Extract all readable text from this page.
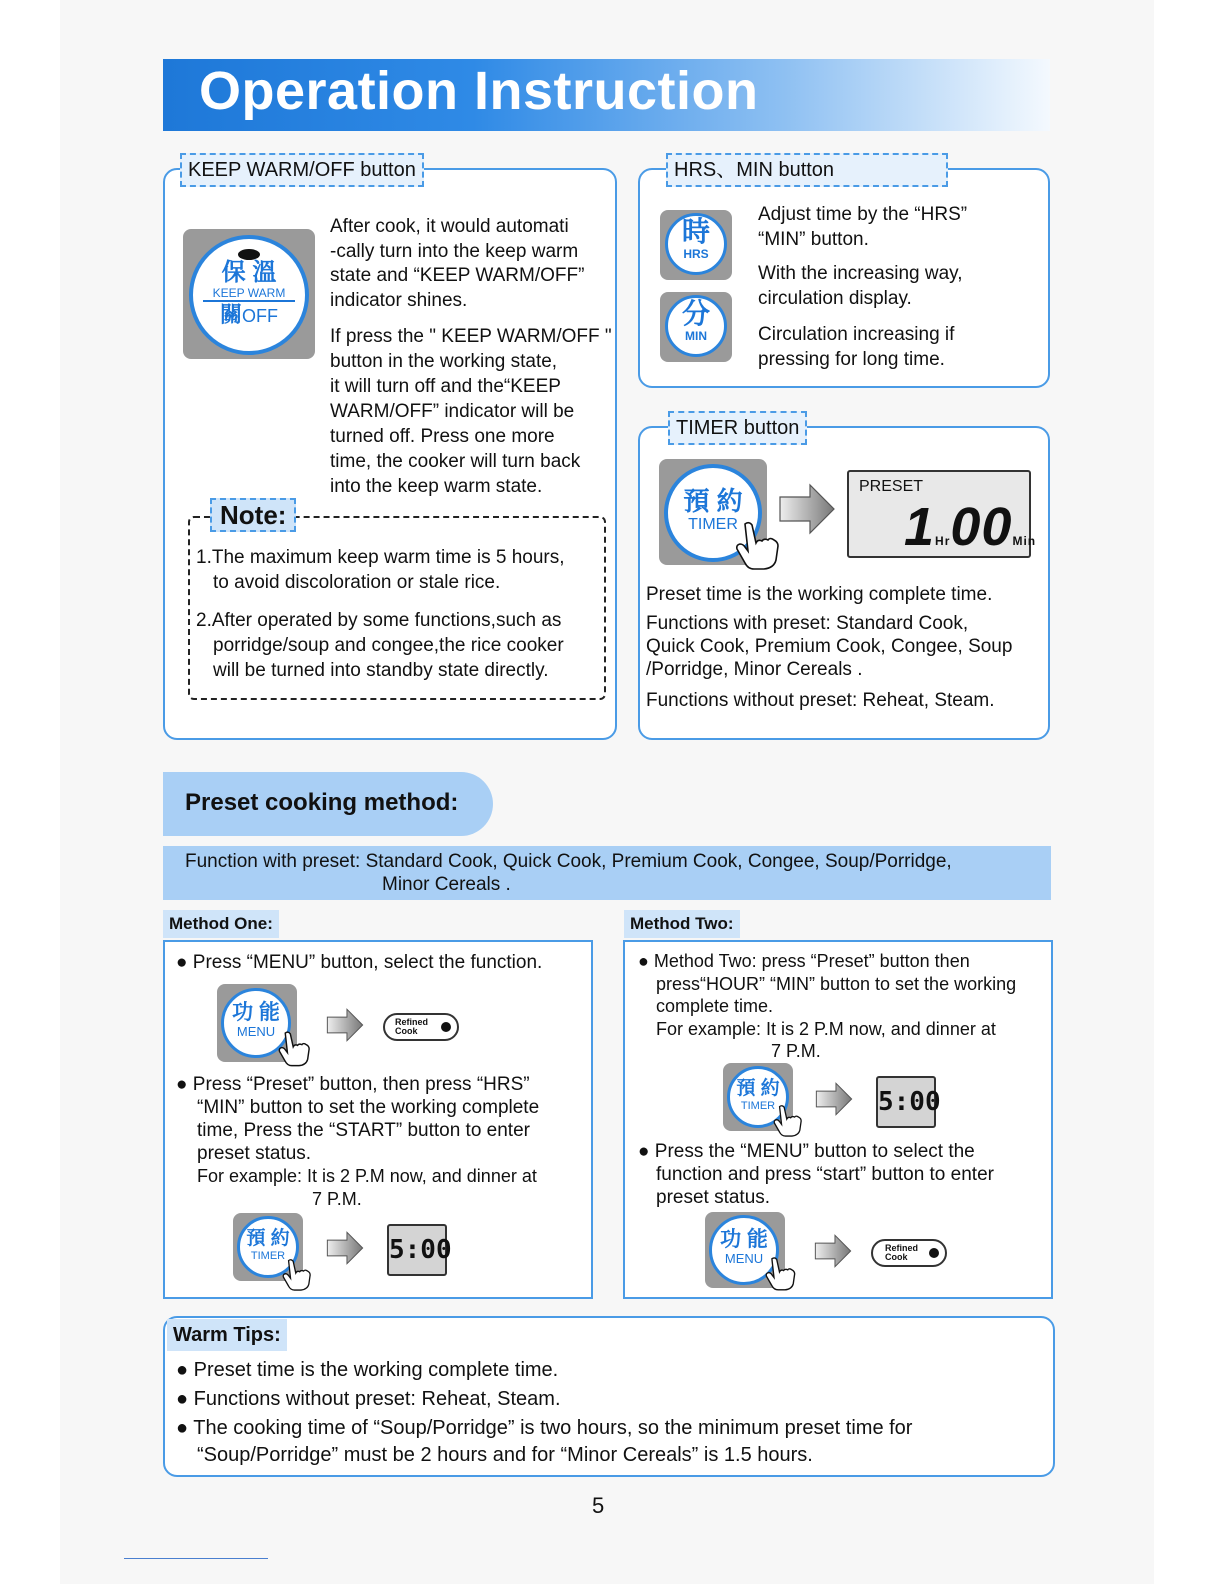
Operation Instruction
KEEP WARM/OFF button
保 溫
KEEP WARM
關OFF
After cook, it would automati
-cally turn into the keep warm
state and “KEEP WARM/OFF”
indicator shines.
If press the " KEEP WARM/OFF "
button in the working state,
it will turn off and the“KEEP
WARM/OFF” indicator will be
turned off. Press one more
time, the cooker will turn back
into the keep warm state.
Note:
1.The maximum keep warm time is 5 hours,
to avoid discoloration or stale rice.
2.After operated by some functions,such as
porridge/soup and congee,the rice cooker
will be turned into standby state directly.
HRS、MIN button
時
HRS
分
MIN
Adjust time by the “HRS”
“MIN” button.
With the increasing way,
circulation display.
Circulation increasing if
pressing for long time.
TIMER button
預 約
TIMER
PRESET
1Hr00Min
Preset time is the working complete time.
Functions with preset: Standard Cook,
Quick Cook, Premium Cook, Congee, Soup
/Porridge, Minor Cereals .
Functions without preset: Reheat, Steam.
Preset cooking method:
Function with preset: Standard Cook, Quick Cook, Premium Cook, Congee, Soup/Porridge,
Minor Cereals .
Method One:
● Press “MENU” button, select the function.
功 能
MENU
Refined
Cook
● Press “Preset” button, then press “HRS”
“MIN” button to set the working complete
time, Press the “START” button to enter
preset status.
For example: It is 2 P.M now, and dinner at
7 P.M.
預 約
TIMER	5:00
Method Two:
● Method Two: press “Preset” button then
press“HOUR” “MIN” button to set the working
complete time.
For example: It is 2 P.M now, and dinner at
7 P.M.
預 約
TIMER	5:00
● Press the “MENU” button to select the
function and press “start” button to enter
preset status.
功 能
MENU
Refined
Cook
Warm Tips:
● Preset time is the working complete time.
● Functions without preset: Reheat, Steam.
● The cooking time of “Soup/Porridge” is two hours, so the minimum preset time for
“Soup/Porridge” must be 2 hours and for “Minor Cereals” is 1.5 hours.
5
